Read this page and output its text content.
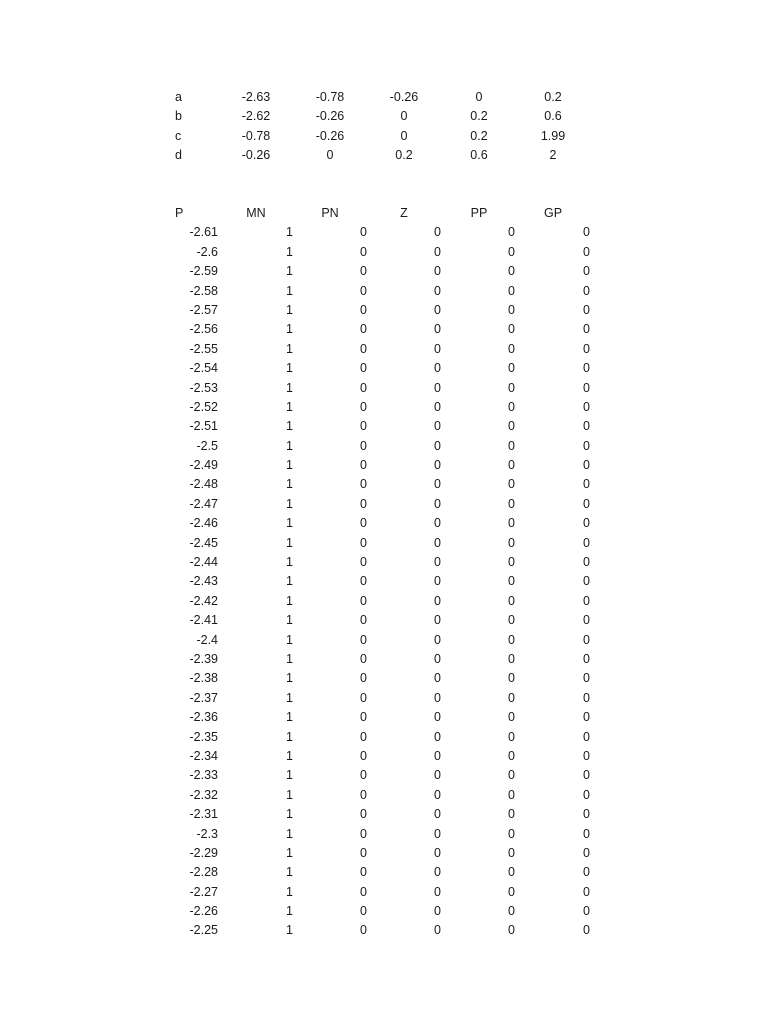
a	-2.63	-0.78	-0.26	0	0.2
b	-2.62	-0.26	0	0.2	0.6
c	-0.78	-0.26	0	0.2	1.99
d	-0.26	0	0.2	0.6	2
P	MN	PN	Z	PP	GP
-2.61	1	0	0	0	0
-2.6	1	0	0	0	0
-2.59	1	0	0	0	0
-2.58	1	0	0	0	0
-2.57	1	0	0	0	0
-2.56	1	0	0	0	0
-2.55	1	0	0	0	0
-2.54	1	0	0	0	0
-2.53	1	0	0	0	0
-2.52	1	0	0	0	0
-2.51	1	0	0	0	0
-2.5	1	0	0	0	0
-2.49	1	0	0	0	0
-2.48	1	0	0	0	0
-2.47	1	0	0	0	0
-2.46	1	0	0	0	0
-2.45	1	0	0	0	0
-2.44	1	0	0	0	0
-2.43	1	0	0	0	0
-2.42	1	0	0	0	0
-2.41	1	0	0	0	0
-2.4	1	0	0	0	0
-2.39	1	0	0	0	0
-2.38	1	0	0	0	0
-2.37	1	0	0	0	0
-2.36	1	0	0	0	0
-2.35	1	0	0	0	0
-2.34	1	0	0	0	0
-2.33	1	0	0	0	0
-2.32	1	0	0	0	0
-2.31	1	0	0	0	0
-2.3	1	0	0	0	0
-2.29	1	0	0	0	0
-2.28	1	0	0	0	0
-2.27	1	0	0	0	0
-2.26	1	0	0	0	0
-2.25	1	0	0	0	0
